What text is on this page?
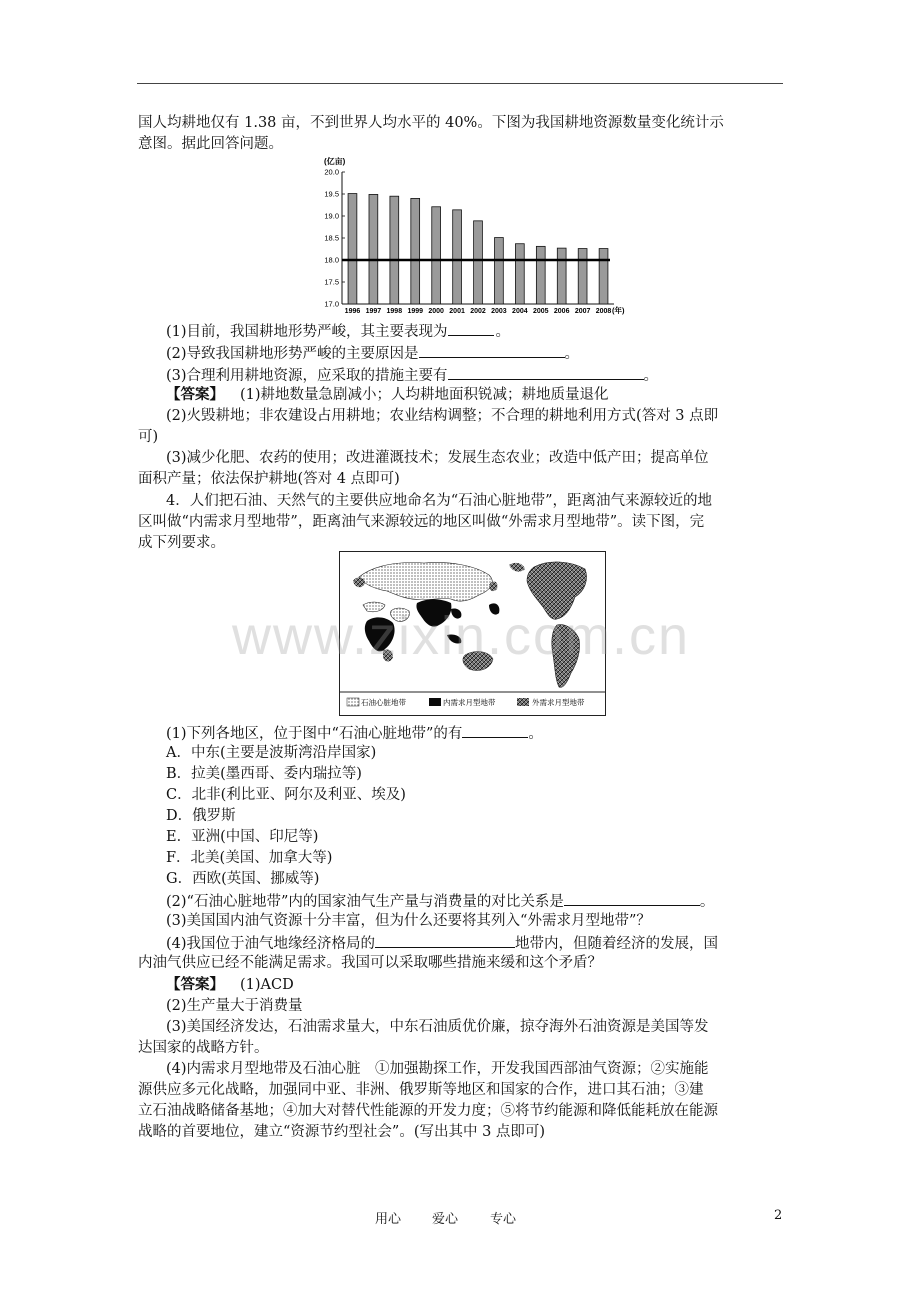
国人均耕地仅有 1.38 亩，不到世界人均水平的 40%。下图为我国耕地资源数量变化统计示
意图。据此回答问题。
(亿亩)
17.0
17.5
18.0
18.5
19.0
19.5
20.0
1996 1997 1998 1999 2000 2001 2002 2003 2004 2005 2006 2007 2008 (年)
(1)目前，我国耕地形势严峻，其主要表现为	。
(2)导致我国耕地形势严峻的主要原因是	。
(3)合理利用耕地资源，应采取的措施主要有	。
【答案】 (1)耕地数量急剧减小；人均耕地面积锐减；耕地质量退化
(2)火毁耕地；非农建设占用耕地；农业结构调整；不合理的耕地利用方式(答对 3 点即
可)
(3)减少化肥、农药的使用；改进灌溉技术；发展生态农业；改造中低产田；提高单位
面积产量；依法保护耕地(答对 4 点即可)
4．人们把石油、天然气的主要供应地命名为“石油心脏地带”，距离油气来源较近的地
区叫做“内需求月型地带”，距离油气来源较远的地区叫做“外需求月型地带”。读下图，完
成下列要求。
石油心脏地带	内需求月型地带	外需求月型地带
(1)下列各地区，位于图中“石油心脏地带”的有	。
A．中东(主要是波斯湾沿岸国家)
B．拉美(墨西哥、委内瑞拉等)
C．北非(利比亚、阿尔及利亚、埃及)
D．俄罗斯
E．亚洲(中国、印尼等)
F．北美(美国、加拿大等)
G．西欧(英国、挪威等)
(2)“石油心脏地带”内的国家油气生产量与消费量的对比关系是	。
(3)美国国内油气资源十分丰富，但为什么还要将其列入“外需求月型地带”？
(4)我国位于油气地缘经济格局的	地带内，但随着经济的发展，国
内油气供应已经不能满足需求。我国可以采取哪些措施来缓和这个矛盾？
【答案】 (1)ACD
(2)生产量大于消费量
(3)美国经济发达，石油需求量大，中东石油质优价廉，掠夺海外石油资源是美国等发
达国家的战略方针。
(4)内需求月型地带及石油心脏　①加强勘探工作，开发我国西部油气资源；②实施能
源供应多元化战略，加强同中亚、非洲、俄罗斯等地区和国家的合作，进口其石油；③建
立石油战略储备基地；④加大对替代性能源的开发力度；⑤将节约能源和降低能耗放在能源
战略的首要地位，建立“资源节约型社会”。(写出其中 3 点即可)
www.zixin.com.cn
用心 爱心 专心	2
